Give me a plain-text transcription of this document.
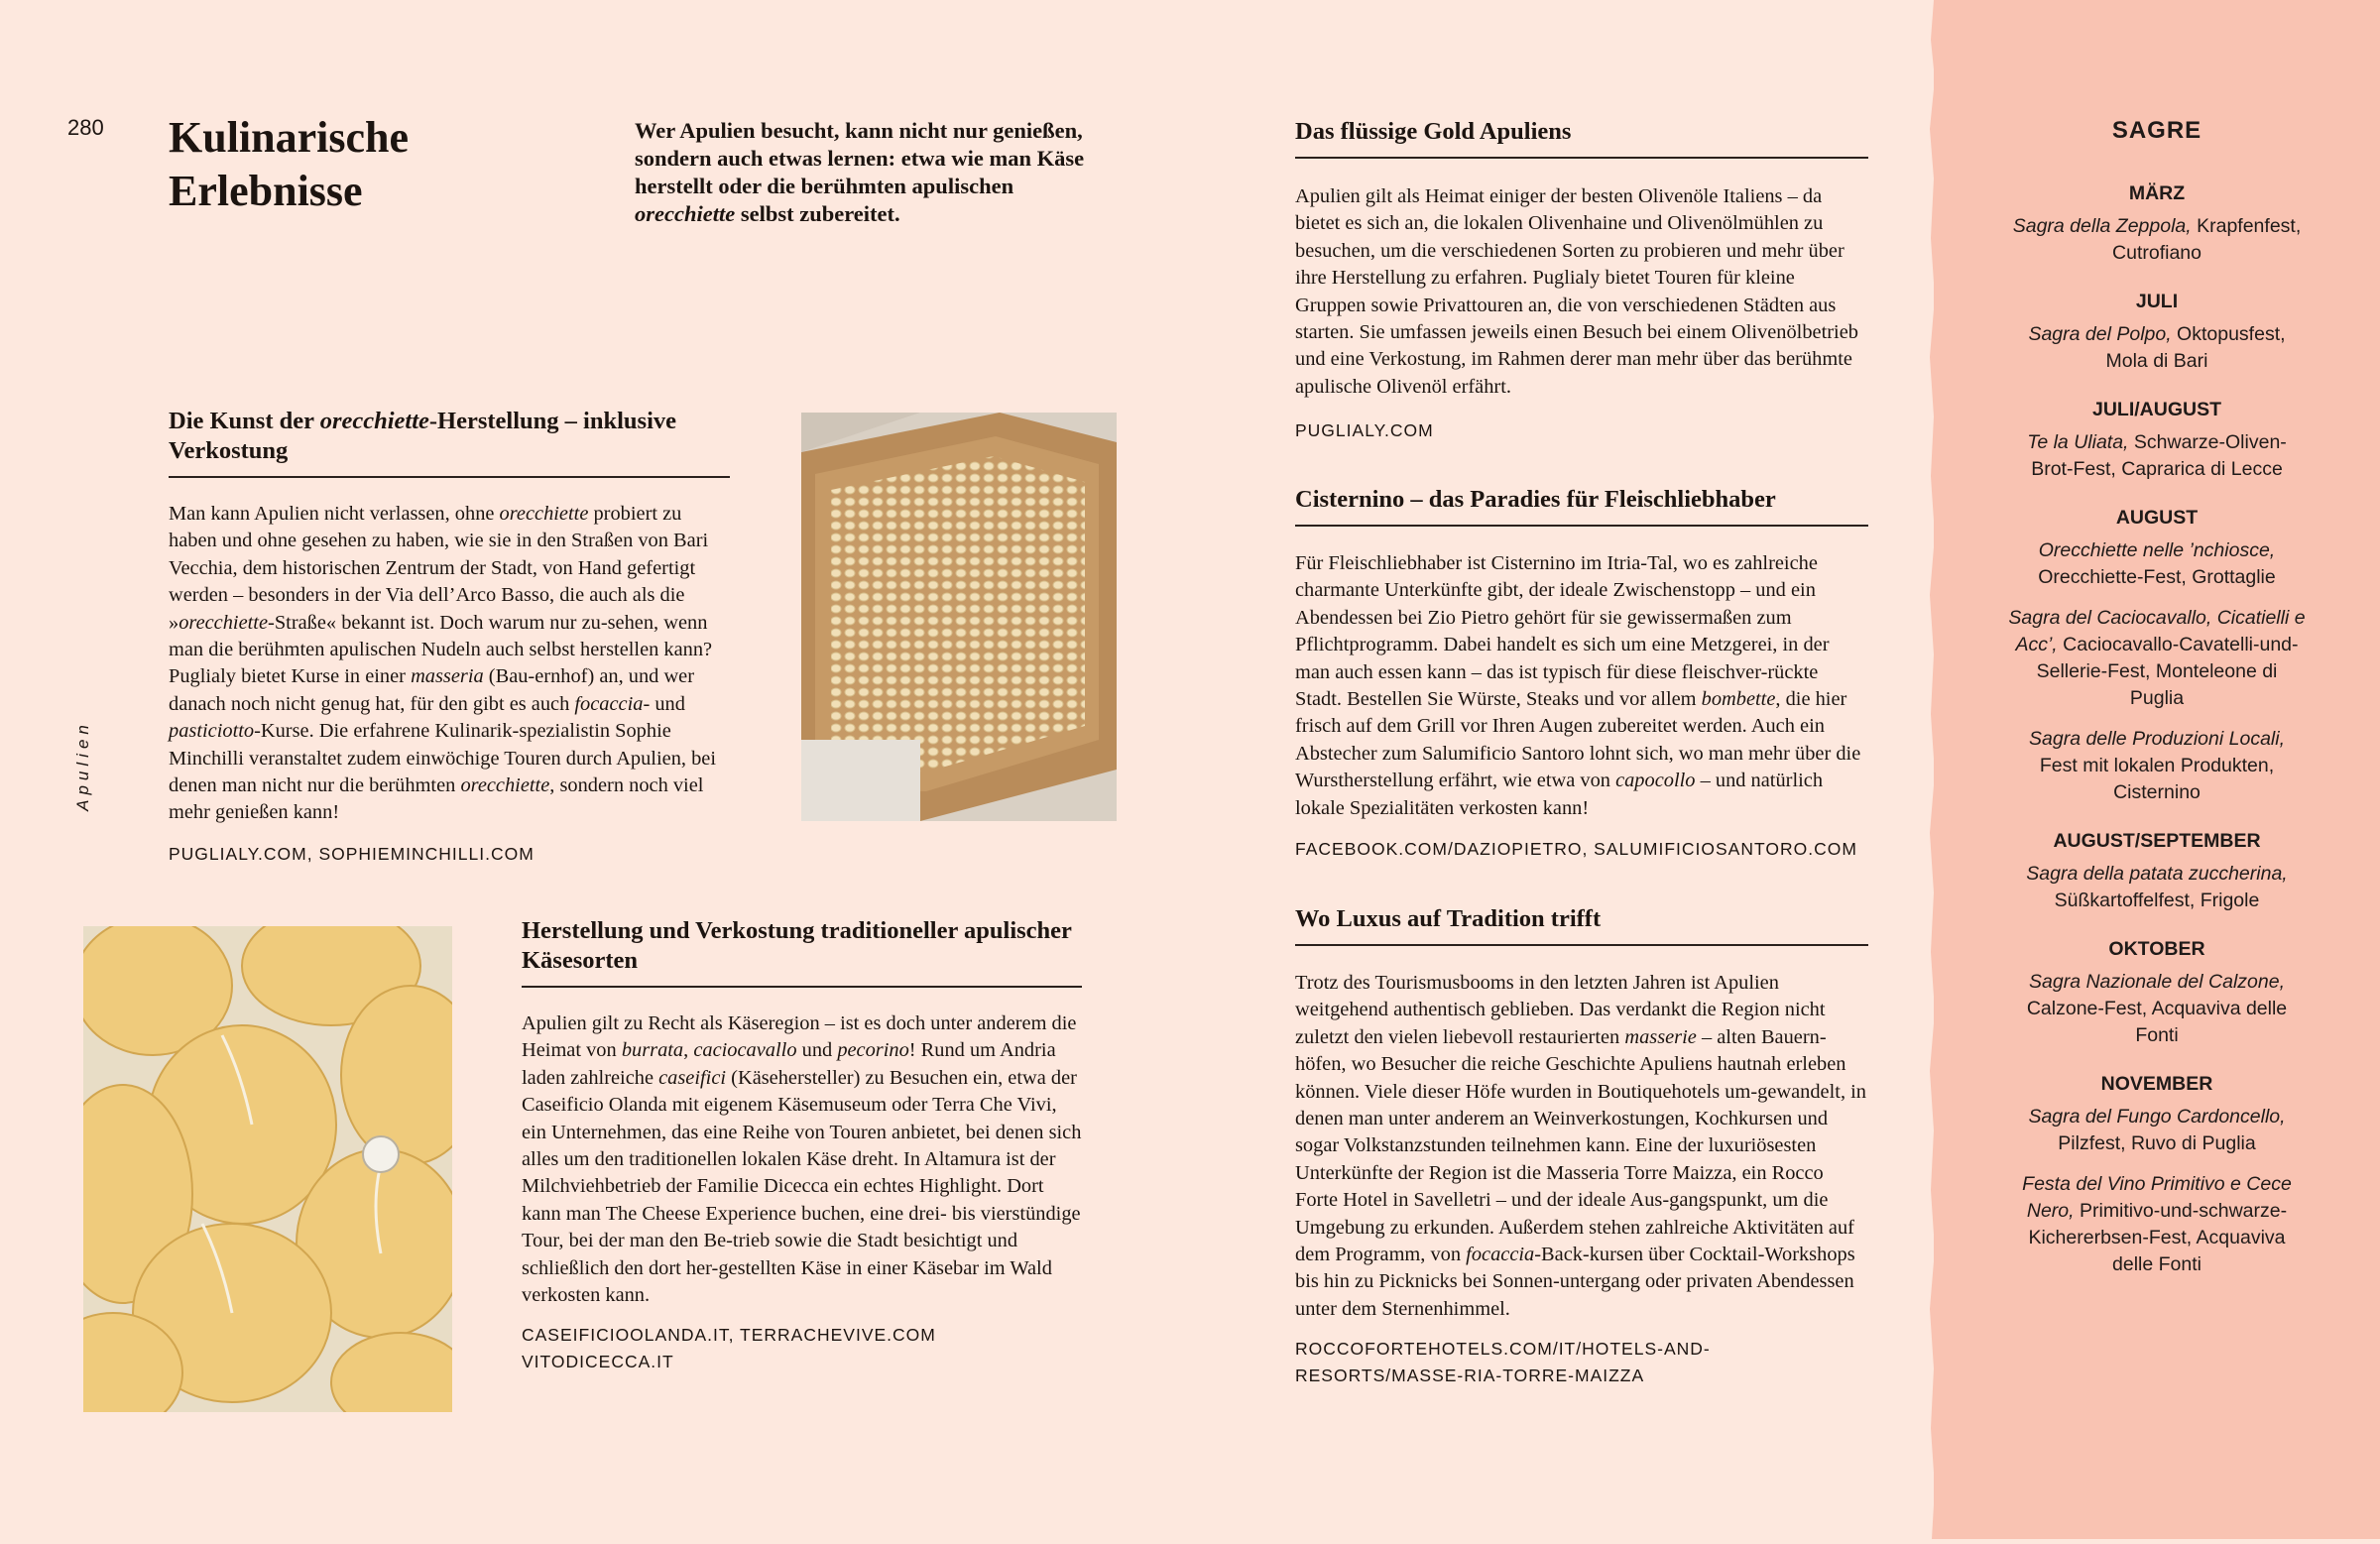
280
Apulien
Kulinarische Erlebnisse

Wer Apulien besucht, kann nicht nur genießen, sondern auch etwas lernen: etwa wie man Käse herstellt oder die berühmten apulischen orecchiette selbst zubereitet.

Die Kunst der orecchiette-Herstellung – inklusive Verkostung

Man kann Apulien nicht verlassen, ohne orecchiette probiert zu haben und ohne gesehen zu haben, wie sie in den Straßen von Bari Vecchia, dem historischen Zentrum der Stadt, von Hand gefertigt werden – besonders in der Via dell’Arco Basso, die auch als die »orecchiette-Straße« bekannt ist. Doch warum nur zu-sehen, wenn man die berühmten apulischen Nudeln auch selbst herstellen kann? Puglialy bietet Kurse in einer masseria (Bau-ernhof) an, und wer danach noch nicht genug hat, für den gibt es auch focaccia- und pasticiotto-Kurse. Die erfahrene Kulinarik-spezialistin Sophie Minchilli veranstaltet zudem einwöchige Touren durch Apulien, bei denen man nicht nur die berühmten orecchiette, sondern noch viel mehr genießen kann!

PUGLIALY.COM, SOPHIEMINCHILLI.COM

Herstellung und Verkostung traditioneller apulischer Käsesorten

Apulien gilt zu Recht als Käseregion – ist es doch unter anderem die Heimat von burrata, caciocavallo und pecorino! Rund um Andria laden zahlreiche caseifici (Käsehersteller) zu Besuchen ein, etwa der Caseificio Olanda mit eigenem Käsemuseum oder Terra Che Vivi, ein Unternehmen, das eine Reihe von Touren anbietet, bei denen sich alles um den traditionellen lokalen Käse dreht. In Altamura ist der Milchviehbetrieb der Familie Dicecca ein echtes Highlight. Dort kann man The Cheese Experience buchen, eine drei- bis vierstündige Tour, bei der man den Be-trieb sowie die Stadt besichtigt und schließlich den dort her-gestellten Käse in einer Käsebar im Wald verkosten kann.

CASEIFICIOOLANDA.IT, TERRACHEVIVE.COM VITODICECCA.IT

Das flüssige Gold Apuliens

Apulien gilt als Heimat einiger der besten Olivenöle Italiens – da bietet es sich an, die lokalen Olivenhaine und Olivenölmühlen zu besuchen, um die verschiedenen Sorten zu probieren und mehr über ihre Herstellung zu erfahren. Puglialy bietet Touren für kleine Gruppen sowie Privattouren an, die von verschiedenen Städten aus starten. Sie umfassen jeweils einen Besuch bei einem Olivenölbetrieb und eine Verkostung, im Rahmen derer man mehr über das berühmte apulische Olivenöl erfährt.

PUGLIALY.COM

Cisternino – das Paradies für Fleischliebhaber

Für Fleischliebhaber ist Cisternino im Itria-Tal, wo es zahlreiche charmante Unterkünfte gibt, der ideale Zwischenstopp – und ein Abendessen bei Zio Pietro gehört für sie gewissermaßen zum Pflichtprogramm. Dabei handelt es sich um eine Metzgerei, in der man auch essen kann – das ist typisch für diese fleischver-rückte Stadt. Bestellen Sie Würste, Steaks und vor allem bombette, die hier frisch auf dem Grill vor Ihren Augen zubereitet werden. Auch ein Abstecher zum Salumificio Santoro lohnt sich, wo man mehr über die Wurstherstellung erfährt, wie etwa von capocollo – und natürlich lokale Spezialitäten verkosten kann!

FACEBOOK.COM/DAZIOPIETRO, SALUMIFICIOSANTORO.COM

Wo Luxus auf Tradition trifft

Trotz des Tourismusbooms in den letzten Jahren ist Apulien weitgehend authentisch geblieben. Das verdankt die Region nicht zuletzt den vielen liebevoll restaurierten masserie – alten Bauern-höfen, wo Besucher die reiche Geschichte Apuliens hautnah erleben können. Viele dieser Höfe wurden in Boutiquehotels um-gewandelt, in denen man unter anderem an Weinverkostungen, Kochkursen und sogar Volkstanzstunden teilnehmen kann. Eine der luxuriösesten Unterkünfte der Region ist die Masseria Torre Maizza, ein Rocco Forte Hotel in Savelletri – und der ideale Aus-gangspunkt, um die Umgebung zu erkunden. Außerdem stehen zahlreiche Aktivitäten auf dem Programm, von focaccia-Back-kursen über Cocktail-Workshops bis hin zu Picknicks bei Sonnen-untergang oder privaten Abendessen unter dem Sternenhimmel.

ROCCOFORTEHOTELS.COM/IT/HOTELS-AND-RESORTS/MASSE-RIA-TORRE-MAIZZA

SAGRE
MÄRZ
Sagra della Zeppola, Krapfenfest, Cutrofiano
JULI
Sagra del Polpo, Oktopusfest, Mola di Bari
JULI/AUGUST
Te la Uliata, Schwarze-Oliven-Brot-Fest, Caprarica di Lecce
AUGUST
Orecchiette nelle ’nchiosce, Orecchiette-Fest, Grottaglie
Sagra del Caciocavallo, Cicatielli e Acc’, Caciocavallo-Cavatelli-und-Sellerie-Fest, Monteleone di Puglia
Sagra delle Produzioni Locali, Fest mit lokalen Produkten, Cisternino
AUGUST/SEPTEMBER
Sagra della patata zuccherina, Süßkartoffelfest, Frigole
OKTOBER
Sagra Nazionale del Calzone, Calzone-Fest, Acquaviva delle Fonti
NOVEMBER
Sagra del Fungo Cardoncello, Pilzfest, Ruvo di Puglia
Festa del Vino Primitivo e Cece Nero, Primitivo-und-schwarze-Kichererbsen-Fest, Acquaviva delle Fonti
